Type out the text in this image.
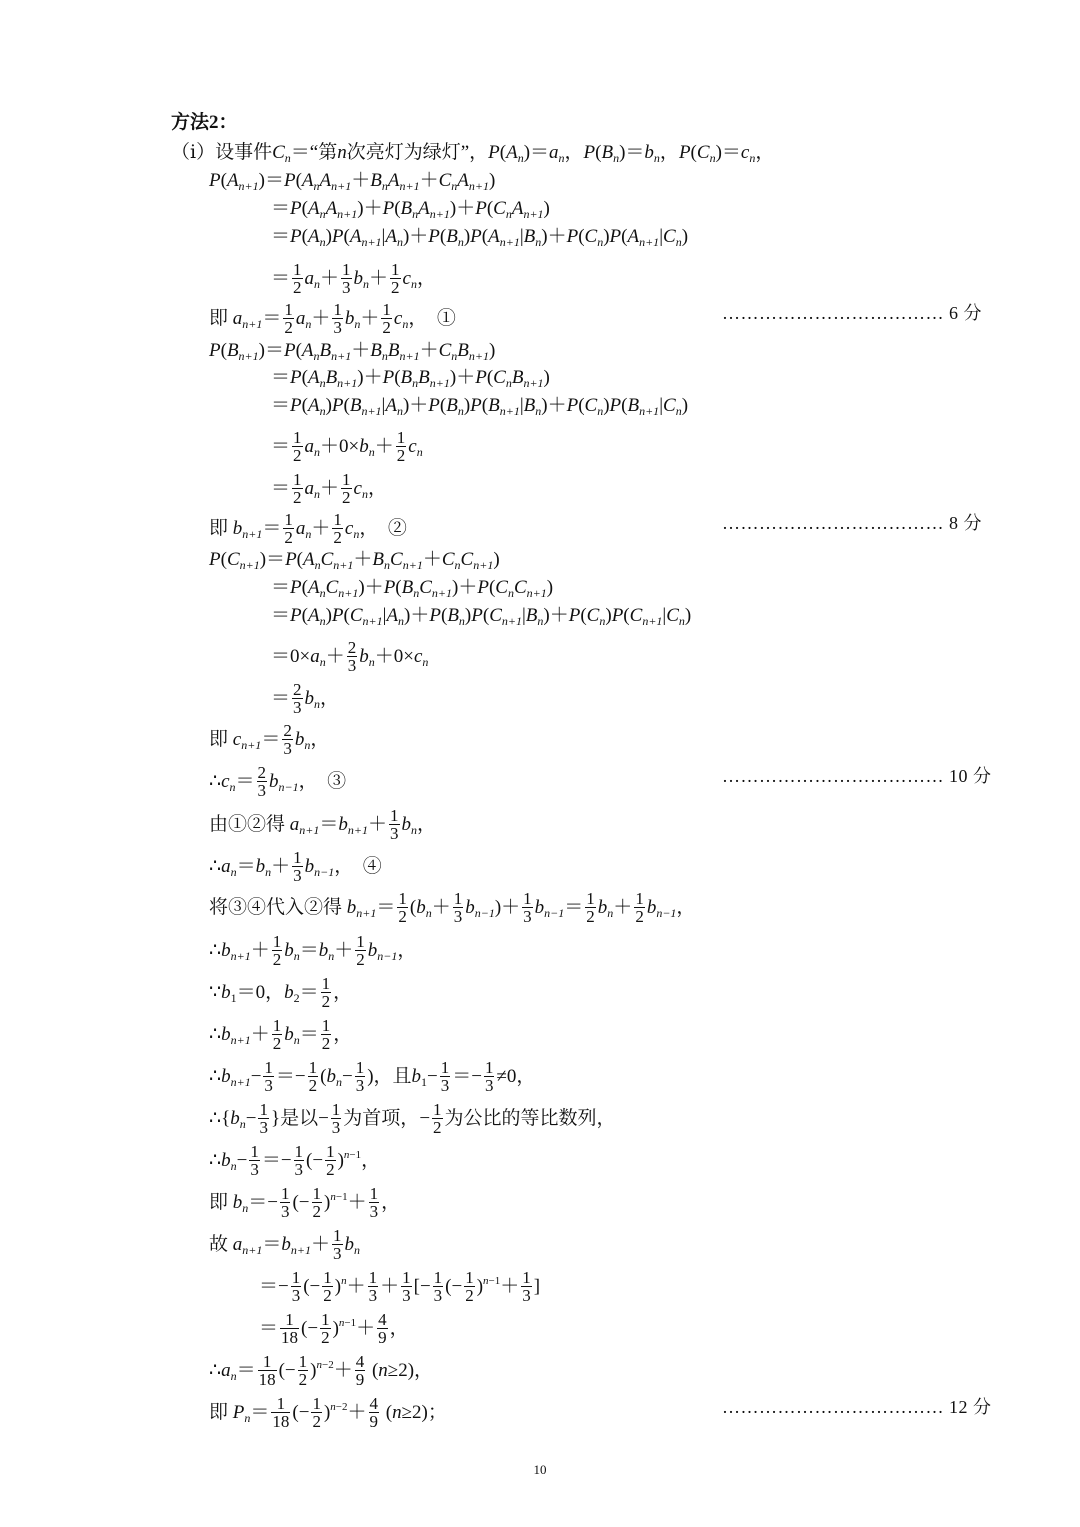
方法2：
（ⅰ）设事件$C_n=“$第n次亮灯为绿灯”，$P(A_n)=a_n$，$P(B_n)=b_n$，$P(C_n)=c_n$，
$P(A_{n+1})=P(A_nA_{n+1}+B_nA_{n+1}+C_nA_{n+1})$
$=P(A_nA_{n+1})+P(B_nA_{n+1})+P(C_nA_{n+1})$
$=P(A_n)P(A_{n+1}|A_n)+P(B_n)P(A_{n+1}|B_n)+P(C_n)P(A_{n+1}|C_n)$
＝ $\frac{1}{2} a_n+ \frac{1}{3} b_n+ \frac{1}{2} c_n$，
即 $a_{n+1}= \frac{1}{2} a_n+ \frac{1}{3} b_n+ \frac{1}{2} c_n$，  ①	……………………………… 6 分
$P(B_{n+1})=P(A_nB_{n+1}+B_nB_{n+1}+C_nB_{n+1})$
$=P(A_nB_{n+1})+P(B_nB_{n+1})+P(C_nB_{n+1})$
$=P(A_n)P(B_{n+1}|A_n)+P(B_n)P(B_{n+1}|B_n)+P(C_n)P(B_{n+1}|C_n)$
＝ $\frac{1}{2} a_n+0\times b_n+ \frac{1}{2} c_n$
＝ $\frac{1}{2} a_n+ \frac{1}{2} c_n$，
即 $b_{n+1}= \frac{1}{2} a_n+ \frac{1}{2} c_n$，  ②	……………………………… 8 分
$P(C_{n+1})=P(A_nC_{n+1}+B_nC_{n+1}+C_nC_{n+1})$
$=P(A_nC_{n+1})+P(B_nC_{n+1})+P(C_nC_{n+1})$
$=P(A_n)P(C_{n+1}|A_n)+P(B_n)P(C_{n+1}|B_n)+P(C_n)P(C_{n+1}|C_n)$
$=0\times a_n+ \frac{2}{3} b_n+0\times c_n$
＝ $\frac{2}{3} b_n$，
即 $c_{n+1}= \frac{2}{3} b_n$，
$\therefore c_n= \frac{2}{3} b_{n-1}$，  ③	……………………………… 10 分
由①②得 $a_{n+1}=b_{n+1}+ \frac{1}{3} b_n$，
$\therefore a_n=b_n+ \frac{1}{3} b_{n-1}$，  ④
将③④代入②得 $b_{n+1}= \frac{1}{2} (b_n+ \frac{1}{3} b_{n-1})+ \frac{1}{3} b_{n-1}= \frac{1}{2} b_n+ \frac{1}{2} b_{n-1}$，
$\therefore b_{n+1}+ \frac{1}{2} b_n=b_n+ \frac{1}{2} b_{n-1}$，
$\because b_1=0$，$b_2= \frac{1}{2}$ ，
$\therefore b_{n+1}+ \frac{1}{2} b_n= \frac{1}{2}$ ，
$\therefore b_{n+1}- \frac{1}{3} =- \frac{1}{2} (b_n- \frac{1}{3}$ )，且$b_1- \frac{1}{3} =- \frac{1}{3} \ne 0$，
$\therefore\{b_n- \frac{1}{3}$ }是以− $\frac{1}{3}$ 为首项，− $\frac{1}{2}$ 为公比的等比数列，
$\therefore b_n- \frac{1}{3} =- \frac{1}{3}$ (− $\frac{1}{2} )^{n-1}$，
即 $b_n=- \frac{1}{3}$ (− $\frac{1}{2} )^{n-1}+ \frac{1}{3}$ ，
故 $a_{n+1}=b_{n+1}+ \frac{1}{3} b_n$
＝− $\frac{1}{3}$ (− $\frac{1}{2} )^n+ \frac{1}{3} + \frac{1}{3}$ [− $\frac{1}{3}$ (− $\frac{1}{2} )^{n-1}+ \frac{1}{3}$ ]
＝ $\frac{1}{18}$ (− $\frac{1}{2} )^{n-1}+ \frac{4}{9}$ ，
$\therefore a_n= \frac{1}{18}$ (− $\frac{1}{2} )^{n-2}+ \frac{4}{9} (n\ge 2)$，
即 $P_n= \frac{1}{18}$ (− $\frac{1}{2} )^{n-2}+ \frac{4}{9} (n\ge 2)$；	……………………………… 12 分
10
